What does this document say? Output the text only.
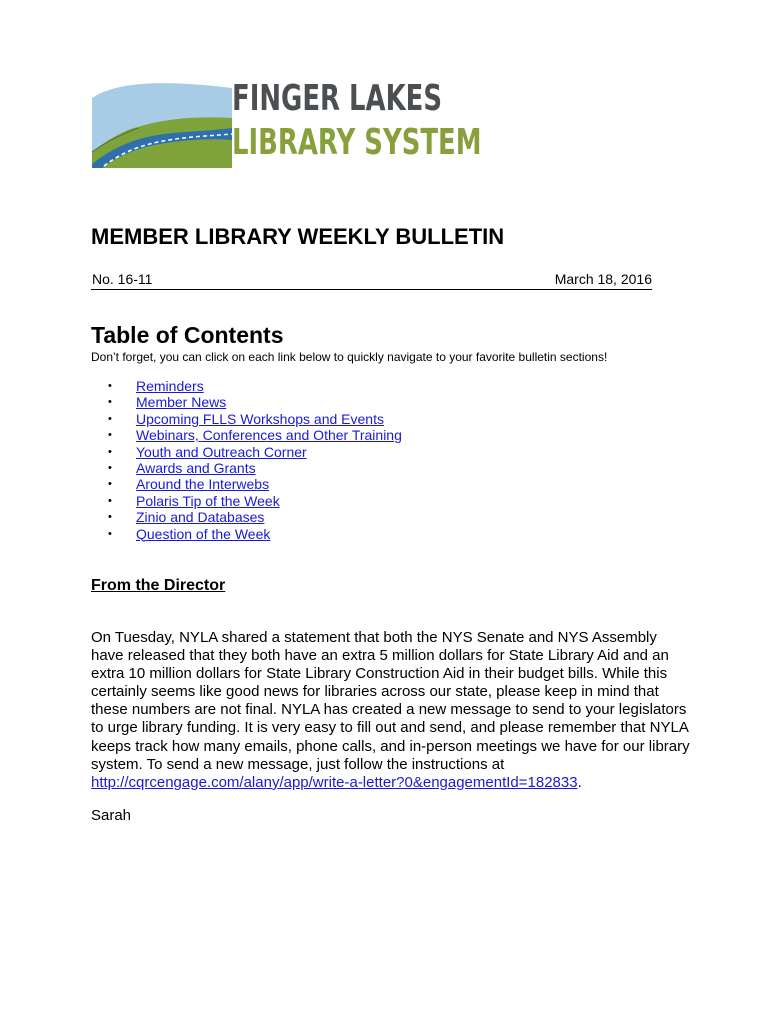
FINGER LAKES
LIBRARY SYSTEM
MEMBER LIBRARY WEEKLY BULLETIN
No. 16-11	March 18, 2016
Table of Contents
Don’t forget, you can click on each link below to quickly navigate to your favorite bulletin sections!
• Reminders
• Member News
• Upcoming FLLS Workshops and Events
• Webinars, Conferences and Other Training
• Youth and Outreach Corner
• Awards and Grants
• Around the Interwebs
• Polaris Tip of the Week
• Zinio and Databases
• Question of the Week
From the Director

On Tuesday, NYLA shared a statement that both the NYS Senate and NYS Assembly have released that they both have an extra 5 million dollars for State Library Aid and an extra 10 million dollars for State Library Construction Aid in their budget bills. While this certainly seems like good news for libraries across our state, please keep in mind that these numbers are not final. NYLA has created a new message to send to your legislators to urge library funding. It is very easy to fill out and send, and please remember that NYLA keeps track how many emails, phone calls, and in-person meetings we have for our library system. To send a new message, just follow the instructions at http://cqrcengage.com/alany/app/write-a-letter?0&engagementId=182833.

Sarah
